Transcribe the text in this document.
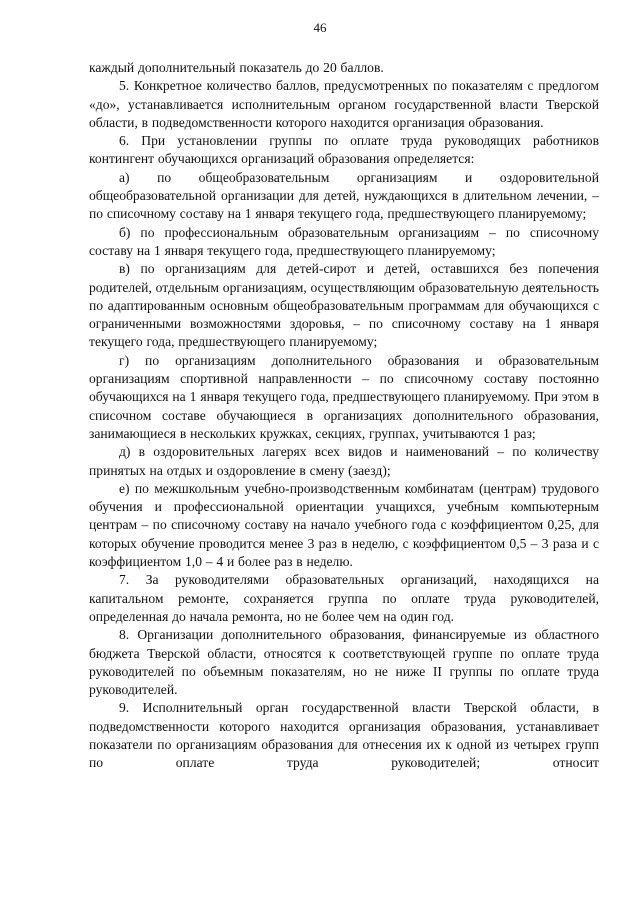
46

каждый дополнительный показатель до 20 баллов.

5. Конкретное количество баллов, предусмотренных по показателям с предлогом «до», устанавливается исполнительным органом государственной власти Тверской области, в подведомственности которого находится организация образования.

6. При установлении группы по оплате труда руководящих работников контингент обучающихся организаций образования определяется:

а) по общеобразовательным организациям и оздоровительной общеобразовательной организации для детей, нуждающихся в длительном лечении, – по списочному составу на 1 января текущего года, предшествующего планируемому;

б) по профессиональным образовательным организациям – по списочному составу на 1 января текущего года, предшествующего планируемому;

в) по организациям для детей-сирот и детей, оставшихся без попечения родителей, отдельным организациям, осуществляющим образовательную деятельность по адаптированным основным общеобразовательным программам для обучающихся с ограниченными возможностями здоровья, – по списочному составу на 1 января текущего года, предшествующего планируемому;

г) по организациям дополнительного образования и образовательным организациям спортивной направленности – по списочному составу постоянно обучающихся на 1 января текущего года, предшествующего планируемому. При этом в списочном составе обучающиеся в организациях дополнительного образования, занимающиеся в нескольких кружках, секциях, группах, учитываются 1 раз;

д) в оздоровительных лагерях всех видов и наименований – по количеству принятых на отдых и оздоровление в смену (заезд);

е) по межшкольным учебно-производственным комбинатам (центрам) трудового обучения и профессиональной ориентации учащихся, учебным компьютерным центрам – по списочному составу на начало учебного года с коэффициентом 0,25, для которых обучение проводится менее 3 раз в неделю, с коэффициентом 0,5 – 3 раза и с коэффициентом 1,0 – 4 и более раз в неделю.

7. За руководителями образовательных организаций, находящихся на капитальном ремонте, сохраняется группа по оплате труда руководителей, определенная до начала ремонта, но не более чем на один год.

8. Организации дополнительного образования, финансируемые из областного бюджета Тверской области, относятся к соответствующей группе по оплате труда руководителей по объемным показателям, но не ниже II группы по оплате труда руководителей.

9. Исполнительный орган государственной власти Тверской области, в подведомственности которого находится организация образования, устанавливает показатели по организациям образования для отнесения их к одной из четырех групп по оплате труда руководителей; относит
